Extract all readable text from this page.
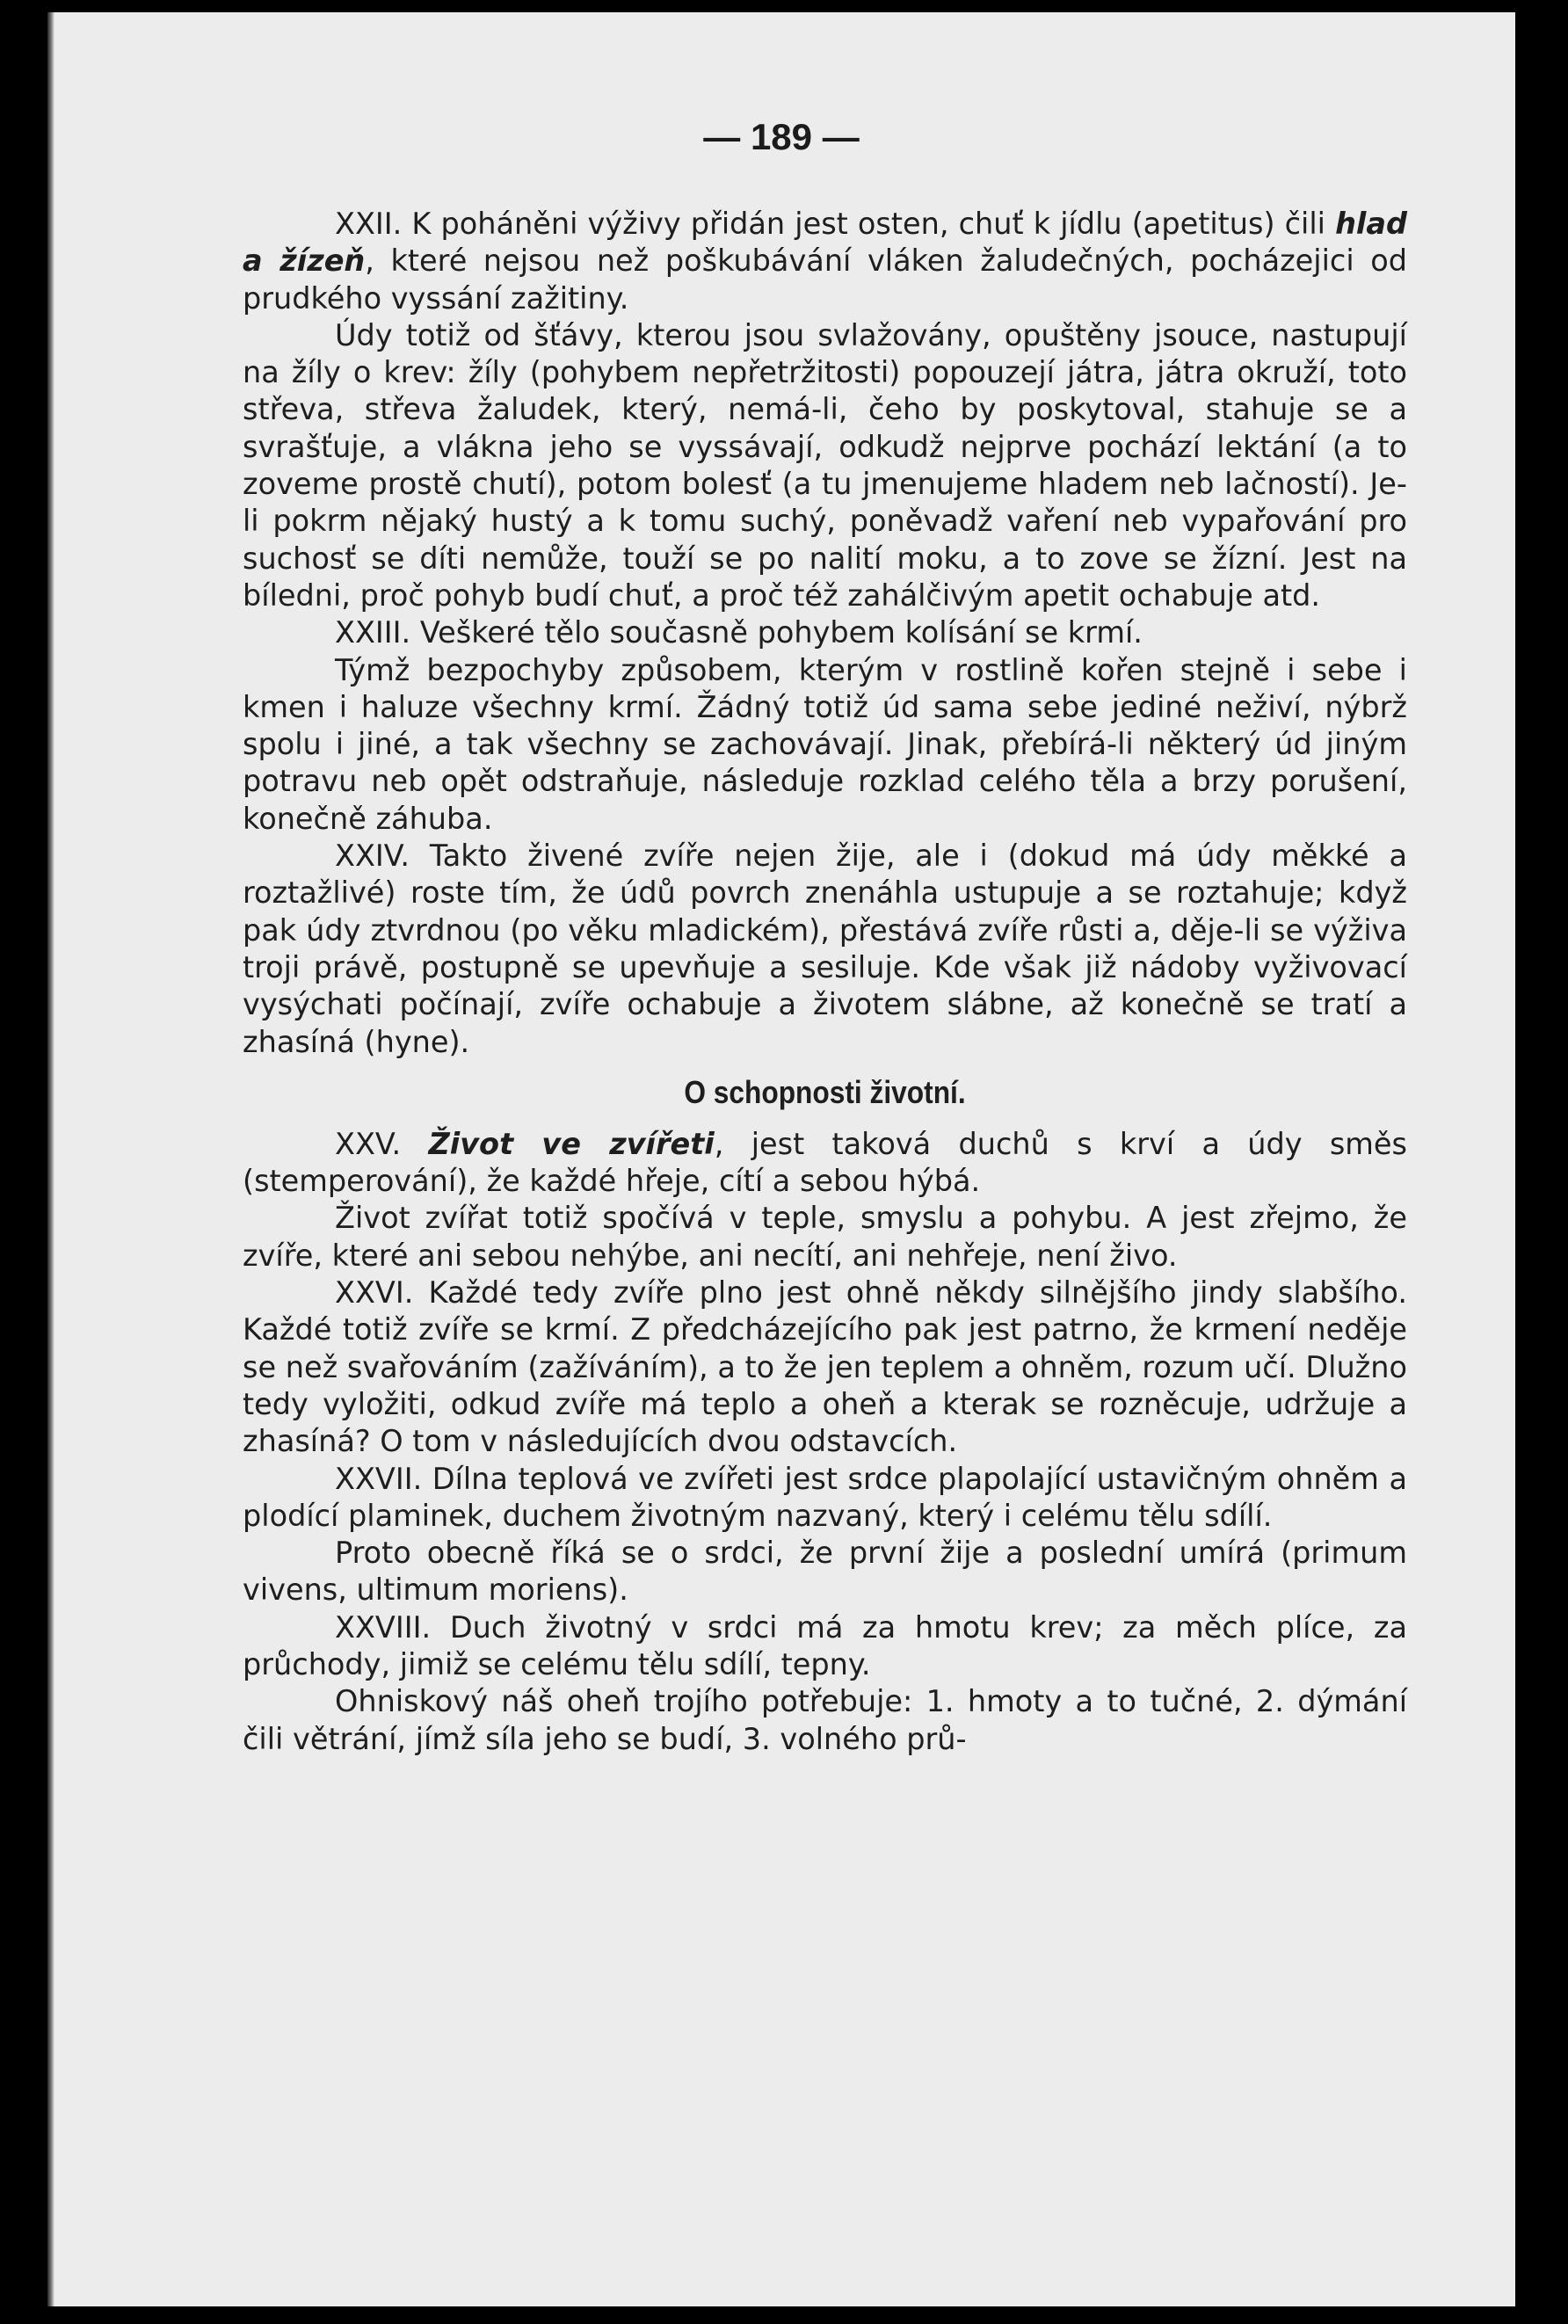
— 189 —

XXII. K poháněni výživy přidán jest osten, chuť k jídlu (apetitus) čili hlad a žízeň, které nejsou než poškubávání vláken žaludečných, pocházejici od prudkého vyssání zažitiny.

Údy totiž od šťávy, kterou jsou svlažovány, opuštěny jsouce, nastupují na žíly o krev: žíly (pohybem nepřetržitosti) popouzejí játra, játra okruží, toto střeva, střeva žaludek, který, nemá-li, čeho by poskytoval, stahuje se a svrašťuje, a vlákna jeho se vyssávají, odkudž nejprve pochází lektání (a to zoveme prostě chutí), potom bolesť (a tu jmenujeme hladem neb lačností). Je-li pokrm nějaký hustý a k tomu suchý, poněvadž vaření neb vypařování pro suchosť se díti nemůže, touží se po nalití moku, a to zove se žízní. Jest na bíledni, proč pohyb budí chuť, a proč též zahálčivým apetit ochabuje atd.

XXIII. Veškeré tělo současně pohybem kolísání se krmí.

Týmž bezpochyby způsobem, kterým v rostlině kořen stejně i sebe i kmen i haluze všechny krmí. Žádný totiž úd sama sebe jediné neživí, nýbrž spolu i jiné, a tak všechny se zachovávají. Jinak, přebírá-li některý úd jiným potravu neb opět odstraňuje, následuje rozklad celého těla a brzy porušení, konečně záhuba.

XXIV. Takto živené zvíře nejen žije, ale i (dokud má údy měkké a roztažlivé) roste tím, že údů povrch znenáhla ustupuje a se roztahuje; když pak údy ztvrdnou (po věku mladickém), přestává zvíře růsti a, děje-li se výživa troji právě, postupně se upevňuje a sesiluje. Kde však již nádoby vyživovací vysýchati počínají, zvíře ochabuje a životem slábne, až konečně se tratí a zhasíná (hyne).

O schopnosti životní.

XXV. Život ve zvířeti, jest taková duchů s krví a údy směs (stemperování), že každé hřeje, cítí a sebou hýbá.

Život zvířat totiž spočívá v teple, smyslu a pohybu. A jest zřejmo, že zvíře, které ani sebou nehýbe, ani necítí, ani nehřeje, není živo.

XXVI. Každé tedy zvíře plno jest ohně někdy silnějšího jindy slabšího. Každé totiž zvíře se krmí. Z předcházejícího pak jest patrno, že krmení neděje se než svařováním (zažíváním), a to že jen teplem a ohněm, rozum učí. Dlužno tedy vyložiti, odkud zvíře má teplo a oheň a kterak se rozněcuje, udržuje a zhasíná? O tom v následujících dvou odstavcích.

XXVII. Dílna teplová ve zvířeti jest srdce plapolající ustavičným ohněm a plodící plaminek, duchem životným nazvaný, který i celému tělu sdílí.

Proto obecně říká se o srdci, že první žije a poslední umírá (primum vivens, ultimum moriens).

XXVIII. Duch životný v srdci má za hmotu krev; za měch plíce, za průchody, jimiž se celému tělu sdílí, tepny.

Ohniskový náš oheň trojího potřebuje: 1. hmoty a to tučné, 2. dýmání čili větrání, jímž síla jeho se budí, 3. volného prů-
